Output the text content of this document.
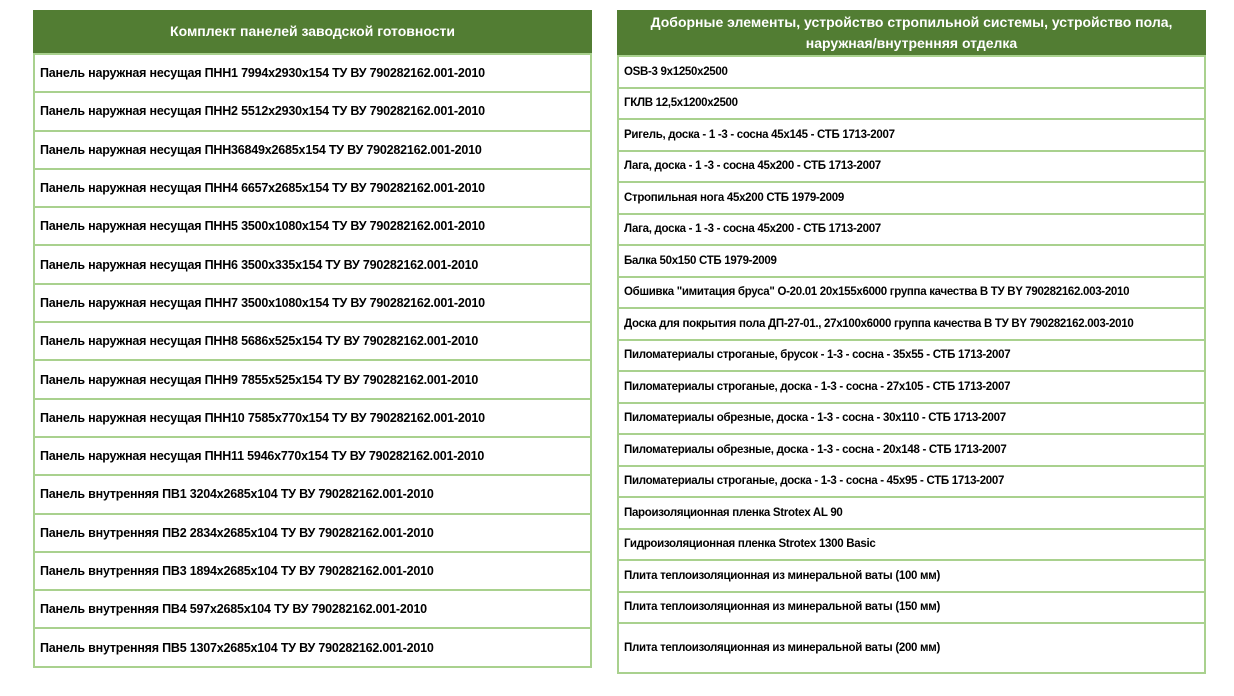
Комплект панелей заводской готовности
Панель наружная несущая ПНН1 7994х2930х154 ТУ ВУ 790282162.001-2010
Панель наружная несущая ПНН2 5512х2930х154 ТУ ВУ 790282162.001-2010
Панель наружная несущая ПНН36849х2685х154 ТУ ВУ 790282162.001-2010
Панель наружная несущая ПНН4 6657х2685х154 ТУ ВУ 790282162.001-2010
Панель наружная несущая ПНН5 3500х1080х154 ТУ ВУ 790282162.001-2010
Панель наружная несущая ПНН6 3500х335х154 ТУ ВУ 790282162.001-2010
Панель наружная несущая ПНН7 3500х1080х154 ТУ ВУ 790282162.001-2010
Панель наружная несущая ПНН8 5686х525х154 ТУ ВУ 790282162.001-2010
Панель наружная несущая ПНН9 7855х525х154 ТУ ВУ 790282162.001-2010
Панель наружная несущая ПНН10 7585х770х154 ТУ ВУ 790282162.001-2010
Панель наружная несущая ПНН11 5946х770х154 ТУ ВУ 790282162.001-2010
Панель внутренняя ПВ1 3204х2685х104 ТУ ВУ 790282162.001-2010
Панель внутренняя ПВ2 2834х2685х104 ТУ ВУ 790282162.001-2010
Панель внутренняя ПВ3 1894х2685х104 ТУ ВУ 790282162.001-2010
Панель внутренняя ПВ4 597х2685х104 ТУ ВУ 790282162.001-2010
Панель внутренняя ПВ5 1307х2685х104 ТУ ВУ 790282162.001-2010
Доборные элементы, устройство стропильной системы, устройство пола, наружная/внутренняя отделка
OSB-3 9х1250х2500
ГКЛВ 12,5х1200х2500
Ригель, доска - 1 -3 - сосна 45х145 - СТБ 1713-2007
Лага, доска - 1 -3 - сосна 45х200 - СТБ 1713-2007
Стропильная нога 45х200 СТБ 1979-2009
Лага, доска - 1 -3 - сосна 45х200 - СТБ 1713-2007
Балка 50х150 СТБ 1979-2009
Обшивка "имитация бруса" О-20.01 20х155х6000 группа качества В ТУ BY 790282162.003-2010
Доска для покрытия пола ДП-27-01., 27х100х6000 группа качества В ТУ BY 790282162.003-2010
Пиломатериалы строганые, брусок - 1-3 - сосна - 35х55 - СТБ 1713-2007
Пиломатериалы строганые, доска - 1-3 - сосна - 27х105 - СТБ 1713-2007
Пиломатериалы обрезные, доска - 1-3 - сосна - 30х110 - СТБ 1713-2007
Пиломатериалы обрезные, доска - 1-3 - сосна - 20х148 - СТБ 1713-2007
Пиломатериалы строганые, доска - 1-3 - сосна - 45х95 - СТБ 1713-2007
Пароизоляционная пленка Strotex AL 90
Гидроизоляционная пленка Strotex 1300 Basic
Плита теплоизоляционная из минеральной ваты (100 мм)
Плита теплоизоляционная из минеральной ваты (150 мм)
Плита теплоизоляционная из минеральной ваты (200 мм)
